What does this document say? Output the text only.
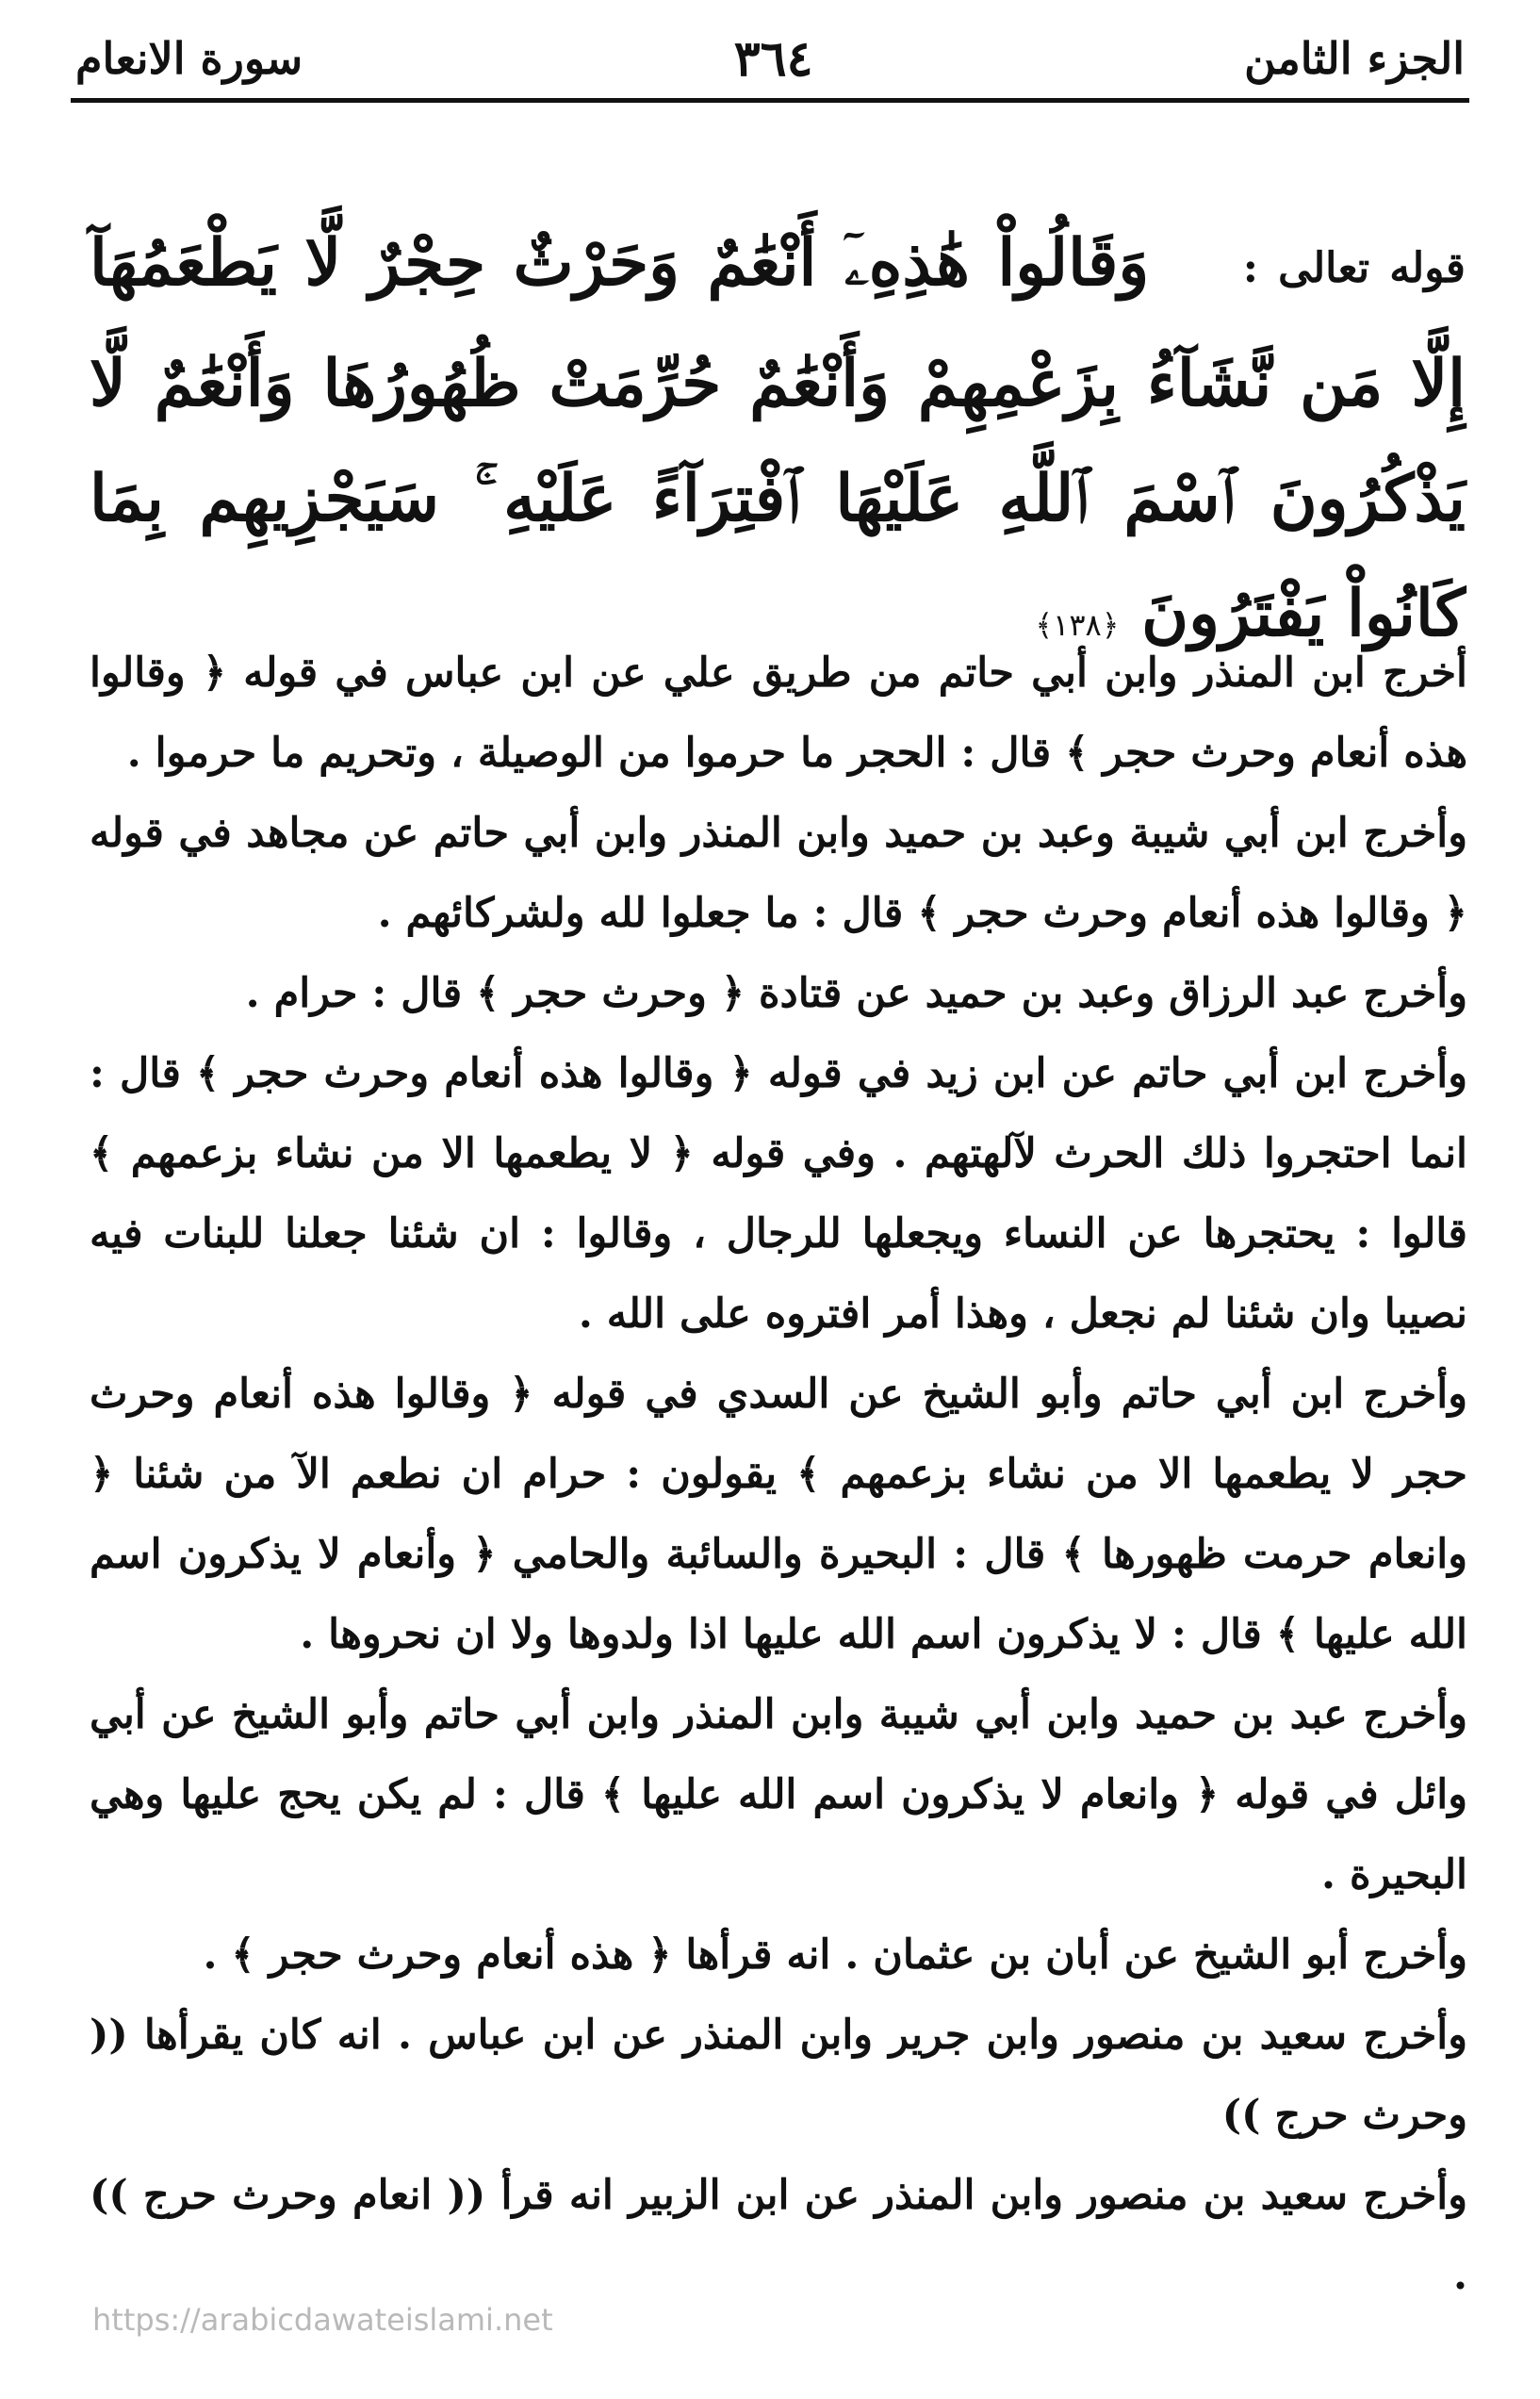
الجزء الثامن
٣٦٤
سورة الانعام
قوله تعالى : وَقَالُواْ هَٰذِهِۦٓ أَنْعَٰمٌ وَحَرْثٌ حِجْرٌ لَّا يَطْعَمُهَآ إِلَّا مَن نَّشَآءُ بِزَعْمِهِمْ وَأَنْعَٰمٌ حُرِّمَتْ ظُهُورُهَا وَأَنْعَٰمٌ لَّا يَذْكُرُونَ ٱسْمَ ٱللَّهِ عَلَيْهَا ٱفْتِرَآءً عَلَيْهِ ۚ سَيَجْزِيهِم بِمَا كَانُواْ يَفْتَرُونَ ﴿١٣٨﴾

أخرج ابن المنذر وابن أبي حاتم من طريق علي عن ابن عباس في قوله ﴿ وقالوا هذه أنعام وحرث حجر ﴾ قال : الحجر ما حرموا من الوصيلة ، وتحريم ما حرموا .

وأخرج ابن أبي شيبة وعبد بن حميد وابن المنذر وابن أبي حاتم عن مجاهد في قوله ﴿ وقالوا هذه أنعام وحرث حجر ﴾ قال : ما جعلوا لله ولشركائهم .

وأخرج عبد الرزاق وعبد بن حميد عن قتادة ﴿ وحرث حجر ﴾ قال : حرام .

وأخرج ابن أبي حاتم عن ابن زيد في قوله ﴿ وقالوا هذه أنعام وحرث حجر ﴾ قال : انما احتجروا ذلك الحرث لآلهتهم . وفي قوله ﴿ لا يطعمها الا من نشاء بزعمهم ﴾ قالوا : يحتجرها عن النساء ويجعلها للرجال ، وقالوا : ان شئنا جعلنا للبنات فيه نصيبا وان شئنا لم نجعل ، وهذا أمر افتروه على الله .

وأخرج ابن أبي حاتم وأبو الشيخ عن السدي في قوله ﴿ وقالوا هذه أنعام وحرث حجر لا يطعمها الا من نشاء بزعمهم ﴾ يقولون : حرام ان نطعم الآ من شئنا ﴿ وانعام حرمت ظهورها ﴾ قال : البحيرة والسائبة والحامي ﴿ وأنعام لا يذكرون اسم الله عليها ﴾ قال : لا يذكرون اسم الله عليها اذا ولدوها ولا ان نحروها .

وأخرج عبد بن حميد وابن أبي شيبة وابن المنذر وابن أبي حاتم وأبو الشيخ عن أبي وائل في قوله ﴿ وانعام لا يذكرون اسم الله عليها ﴾ قال : لم يكن يحج عليها وهي البحيرة .

وأخرج أبو الشيخ عن أبان بن عثمان . انه قرأها ﴿ هذه أنعام وحرث حجر ﴾ .

وأخرج سعيد بن منصور وابن جرير وابن المنذر عن ابن عباس . انه كان يقرأها (( وحرث حرج ))

وأخرج سعيد بن منصور وابن المنذر عن ابن الزبير انه قرأ (( انعام وحرث حرج )) .

https://arabicdawateislami.net
